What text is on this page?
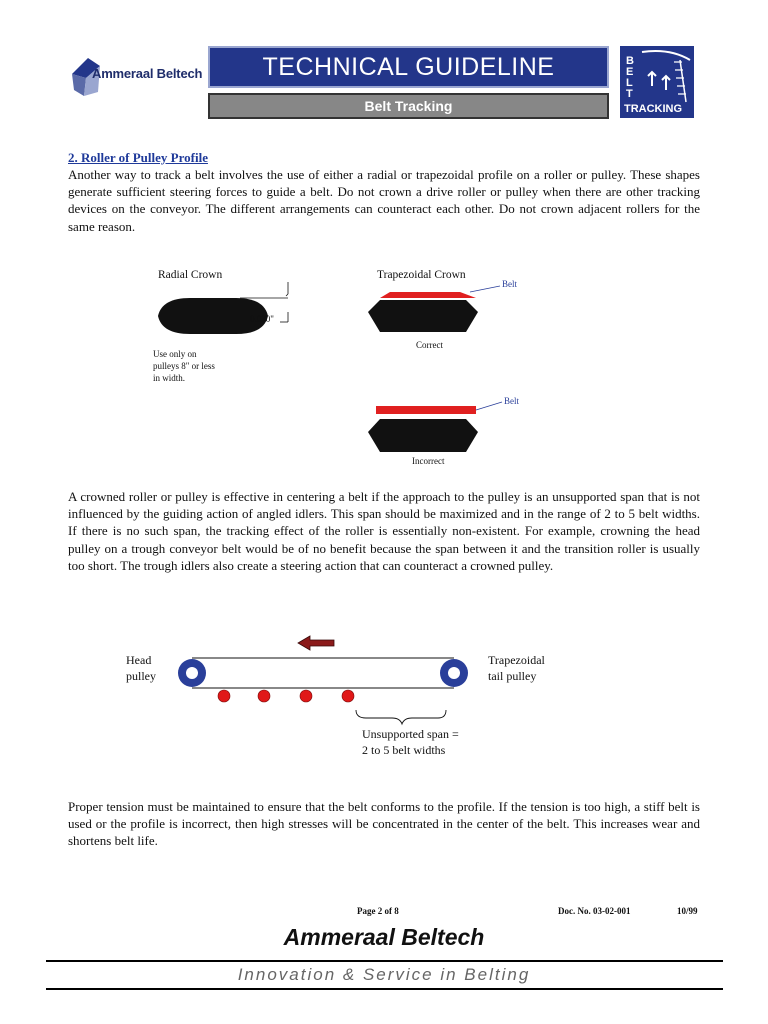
Ammeraal Beltech	TECHNICAL GUIDELINE
Belt Tracking
B
E
L
T
TRACKING
2. Roller of Pulley Profile
Another way to track a belt involves the use of either a radial or trapezoidal profile on a roller or pulley. These shapes generate sufficient steering forces to guide a belt. Do not crown a drive roller or pulley when there are other tracking devices on the conveyor. The different arrangements can counteract each other. Do not crown adjacent rollers for the same reason.
Radial Crown
0.030"
Use only on
pulleys 8" or less
in width.
Trapezoidal Crown
Belt
Correct
Belt
Incorrect
A crowned roller or pulley is effective in centering a belt if the approach to the pulley is an unsupported span that is not influenced by the guiding action of angled idlers. This span should be maximized and in the range of 2 to 5 belt widths. If there is no such span, the tracking effect of the roller is essentially non-existent. For example, crowning the head pulley on a trough conveyor belt would be of no benefit because the span between it and the transition roller is usually too short. The trough idlers also create a steering action that can counteract a crowned pulley.
Head
pulley
Trapezoidal
tail pulley
Unsupported span =
2 to 5 belt widths
Proper tension must be maintained to ensure that the belt conforms to the profile. If the tension is too high, a stiff belt is used or the profile is incorrect, then high stresses will be concentrated in the center of the belt. This increases wear and shortens belt life.
Page 2 of 8	Doc. No. 03-02-001	10/99
Ammeraal Beltech
Innovation & Service in Belting
